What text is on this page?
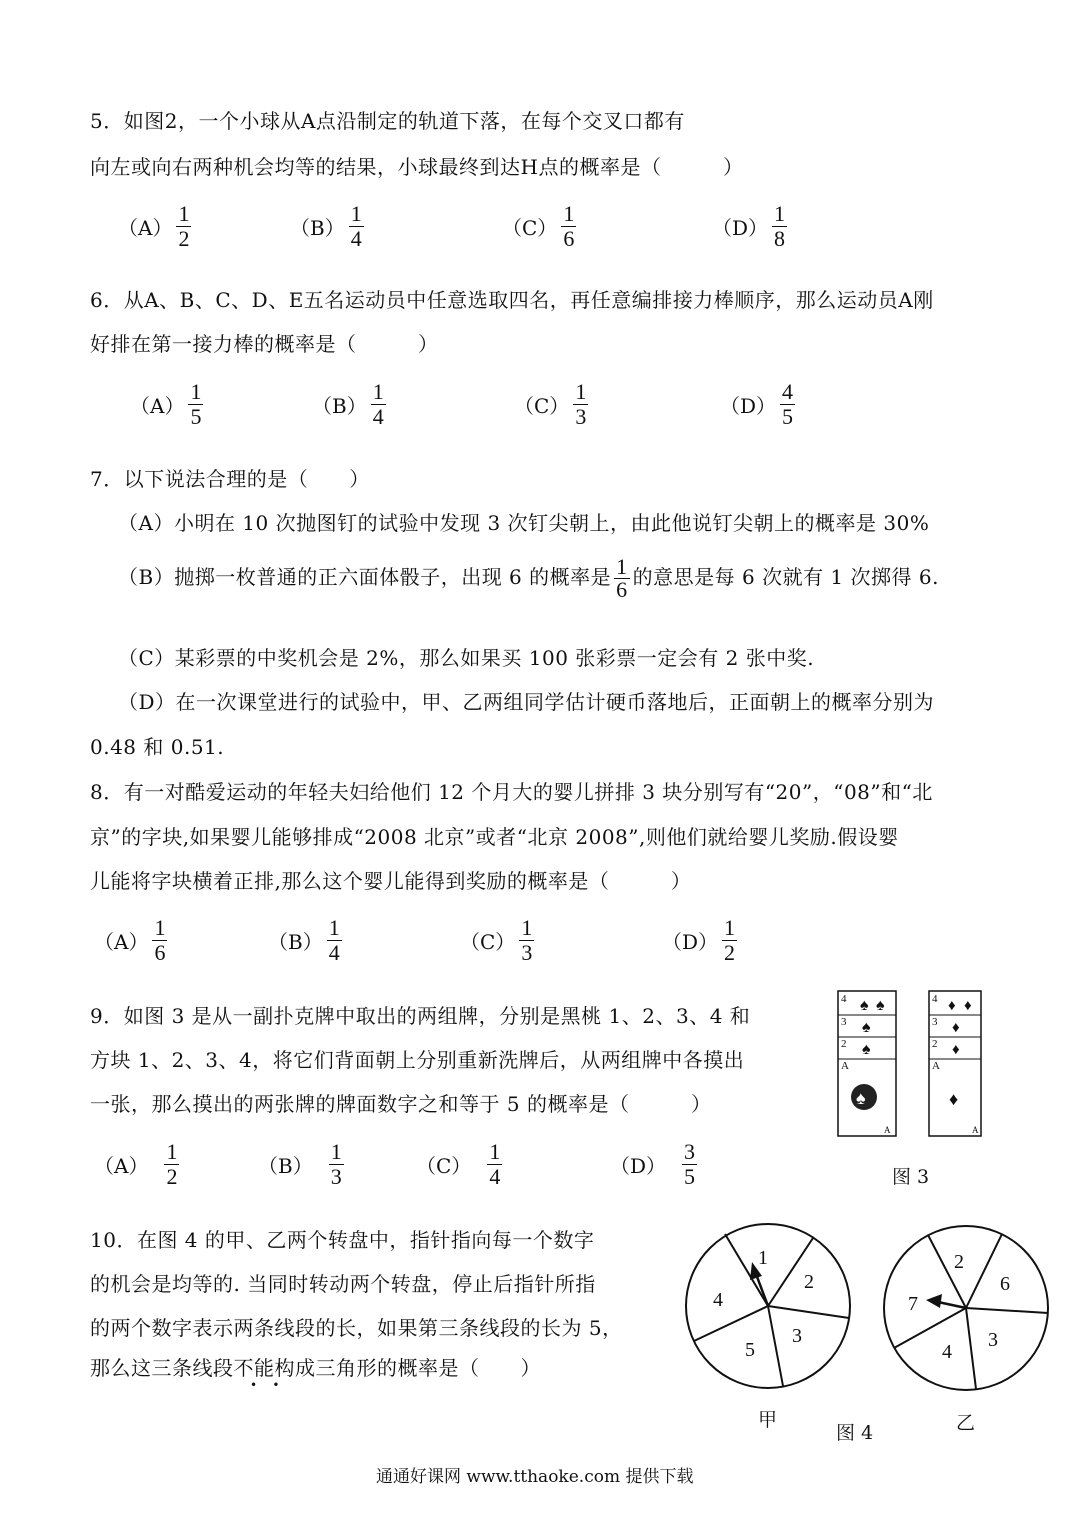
5．如图2，一个小球从A点沿制定的轨道下落，在每个交叉口都有
向左或向右两种机会均等的结果，小球最终到达H点的概率是（　　　）
$(A) \frac{1}{2}$	$(B) \frac{1}{4}$	$(C) \frac{1}{6}$	$(D) \frac{1}{8}$
6．从A、B、C、D、E五名运动员中任意选取四名，再任意编排接力棒顺序，那么运动员A刚
好排在第一接力棒的概率是（　　　）
$(A) \frac{1}{5}$	$(B) \frac{1}{4}$	$(C) \frac{1}{3}$	$(D) \frac{4}{5}$
7．以下说法合理的是（　　）
（A）小明在 10 次抛图钉的试验中发现 3 次钉尖朝上，由此他说钉尖朝上的概率是 30%
（B）抛掷一枚普通的正六面体骰子，出现 6 的概率是 $\frac{1}{6}$ 的意思是每 6 次就有 1 次掷得 6.
（C）某彩票的中奖机会是 2%，那么如果买 100 张彩票一定会有 2 张中奖.
（D）在一次课堂进行的试验中，甲、乙两组同学估计硬币落地后，正面朝上的概率分别为
0.48 和 0.51.
8．有一对酷爱运动的年轻夫妇给他们 12 个月大的婴儿拼排 3 块分别写有“20”，“08”和“北
京”的字块,如果婴儿能够排成“2008 北京”或者“北京 2008”,则他们就给婴儿奖励.假设婴
儿能将字块横着正排,那么这个婴儿能得到奖励的概率是（　　　）
$(A) \frac{1}{6}$	$(B) \frac{1}{4}$	$(C) \frac{1}{3}$	$(D) \frac{1}{2}$
9．如图 3 是从一副扑克牌中取出的两组牌，分别是黑桃 1、2、3、4 和
方块 1、2、3、4，将它们背面朝上分别重新洗牌后，从两组牌中各摸出
一张，那么摸出的两张牌的牌面数字之和等于 5 的概率是（　　　）
$(A) \frac{1}{2}$	$(B) \frac{1}{3}$	$(C) \frac{1}{4}$	$(D) \frac{3}{5}$
4
3
2
A
♠ ♠
♠
♠
♠
A
4
3
2
A
♦ ♦
♦
♦
♦
A
图 3
10．在图 4 的甲、乙两个转盘中，指针指向每一个数字
的机会是均等的. 当同时转动两个转盘，停止后指针所指
的两个数字表示两条线段的长，如果第三条线段的长为 5，
那么这三条线段不能构成三角形的概率是（　　）
•    •
1
2
3
5
4
2
6
3
4
7
甲
图 4	乙
通通好课网 www.tthaoke.com 提供下载
